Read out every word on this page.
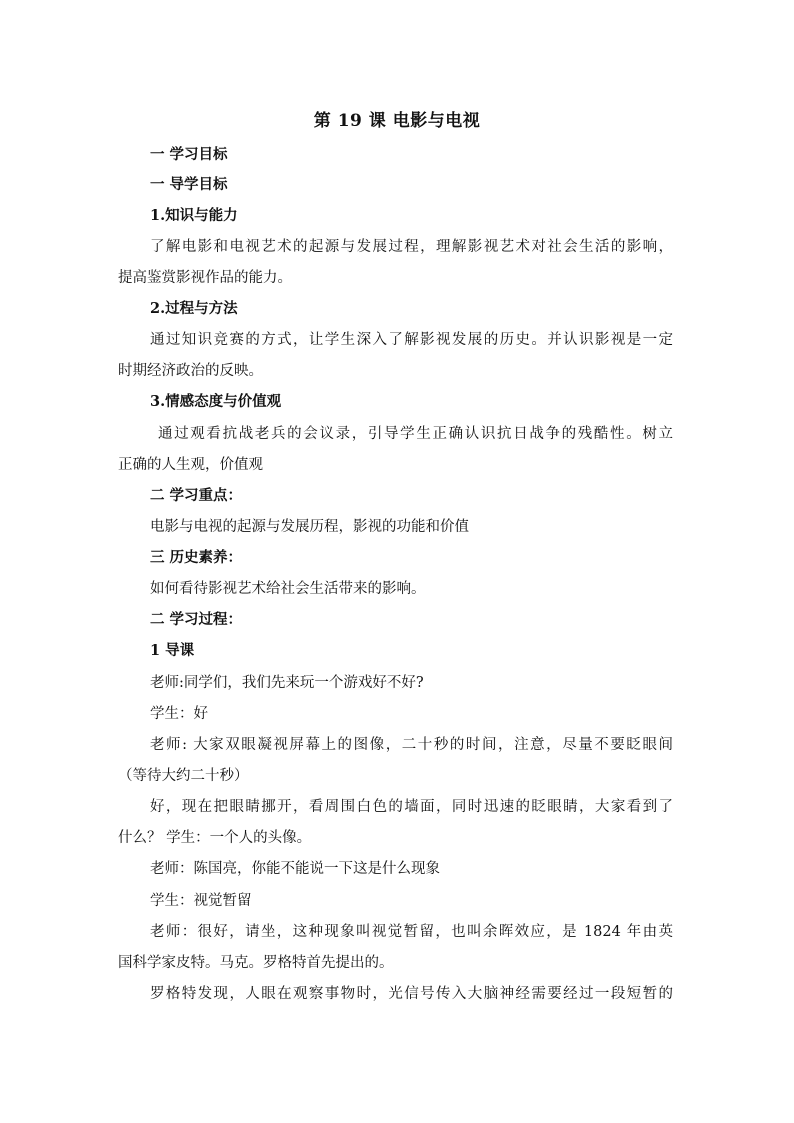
第 19 课 电影与电视
一 学习目标
一 导学目标
1.知识与能力
了解电影和电视艺术的起源与发展过程，理解影视艺术对社会生活的影响，
提高鉴赏影视作品的能力。
2.过程与方法
通过知识竞赛的方式，让学生深入了解影视发展的历史。并认识影视是一定
时期经济政治的反映。
3.情感态度与价值观
通过观看抗战老兵的会议录，引导学生正确认识抗日战争的残酷性。树立
正确的人生观，价值观
二 学习重点：
电影与电视的起源与发展历程，影视的功能和价值
三 历史素养：
如何看待影视艺术给社会生活带来的影响。
二 学习过程：
1 导课
老师:同学们，我们先来玩一个游戏好不好?
学生：好
老师: 大家双眼凝视屏幕上的图像，二十秒的时间，注意，尽量不要眨眼间
（等待大约二十秒）
好，现在把眼睛挪开，看周围白色的墙面，同时迅速的眨眼睛，大家看到了
什么？ 学生：一个人的头像。
老师：陈国亮，你能不能说一下这是什么现象
学生：视觉暂留
老师：很好，请坐，这种现象叫视觉暂留，也叫余晖效应，是 1824 年由英
国科学家皮特。马克。罗格特首先提出的。
罗格特发现，人眼在观察事物时，光信号传入大脑神经需要经过一段短暂的
